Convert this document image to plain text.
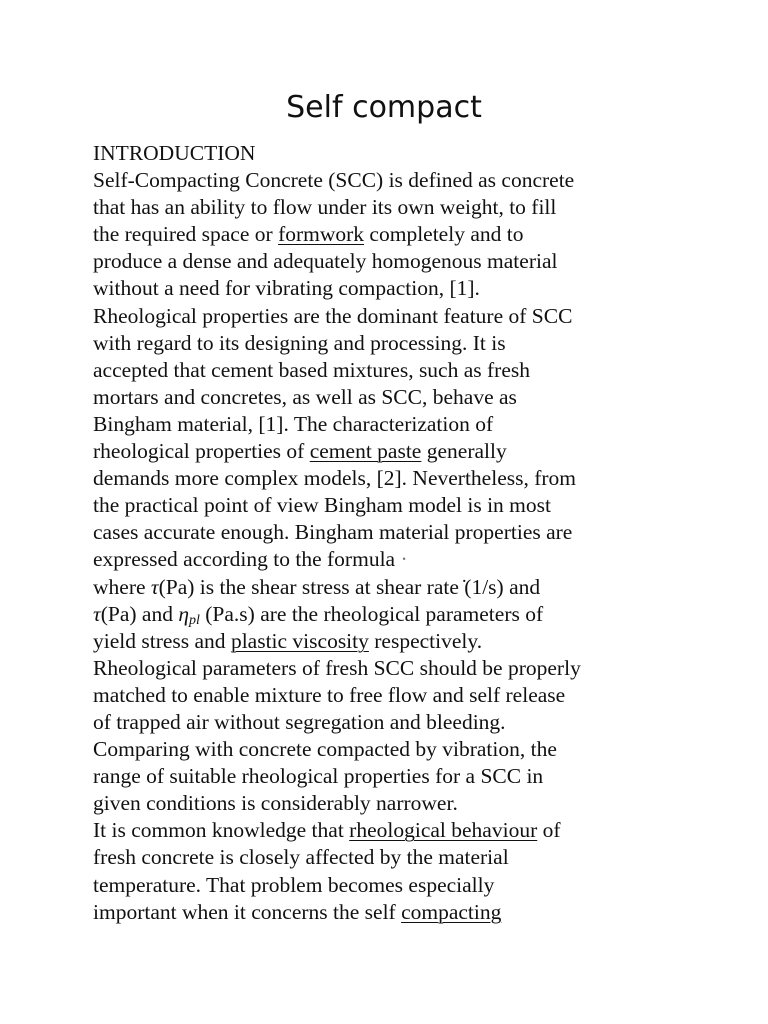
Self compact
INTRODUCTION
Self-Compacting Concrete (SCC) is defined as concrete
that has an ability to flow under its own weight, to fill
the required space or formwork completely and to
produce a dense and adequately homogenous material
without a need for vibrating compaction, [1].
Rheological properties are the dominant feature of SCC
with regard to its designing and processing. It is
accepted that cement based mixtures, such as fresh
mortars and concretes, as well as SCC, behave as
Bingham material, [1]. The characterization of
rheological properties of cement paste generally
demands more complex models, [2]. Nevertheless, from
the practical point of view Bingham model is in most
cases accurate enough. Bingham material properties are
expressed according to the formula ·
where τ(Pa) is the shear stress at shear rate (1/s) and
τ(Pa) and $\eta_{pl}$ (Pa.s) are the rheological parameters of
yield stress and plastic viscosity respectively.
Rheological parameters of fresh SCC should be properly
matched to enable mixture to free flow and self release
of trapped air without segregation and bleeding.
Comparing with concrete compacted by vibration, the
range of suitable rheological properties for a SCC in
given conditions is considerably narrower.
It is common knowledge that rheological behaviour of
fresh concrete is closely affected by the material
temperature. That problem becomes especially
important when it concerns the self compacting
